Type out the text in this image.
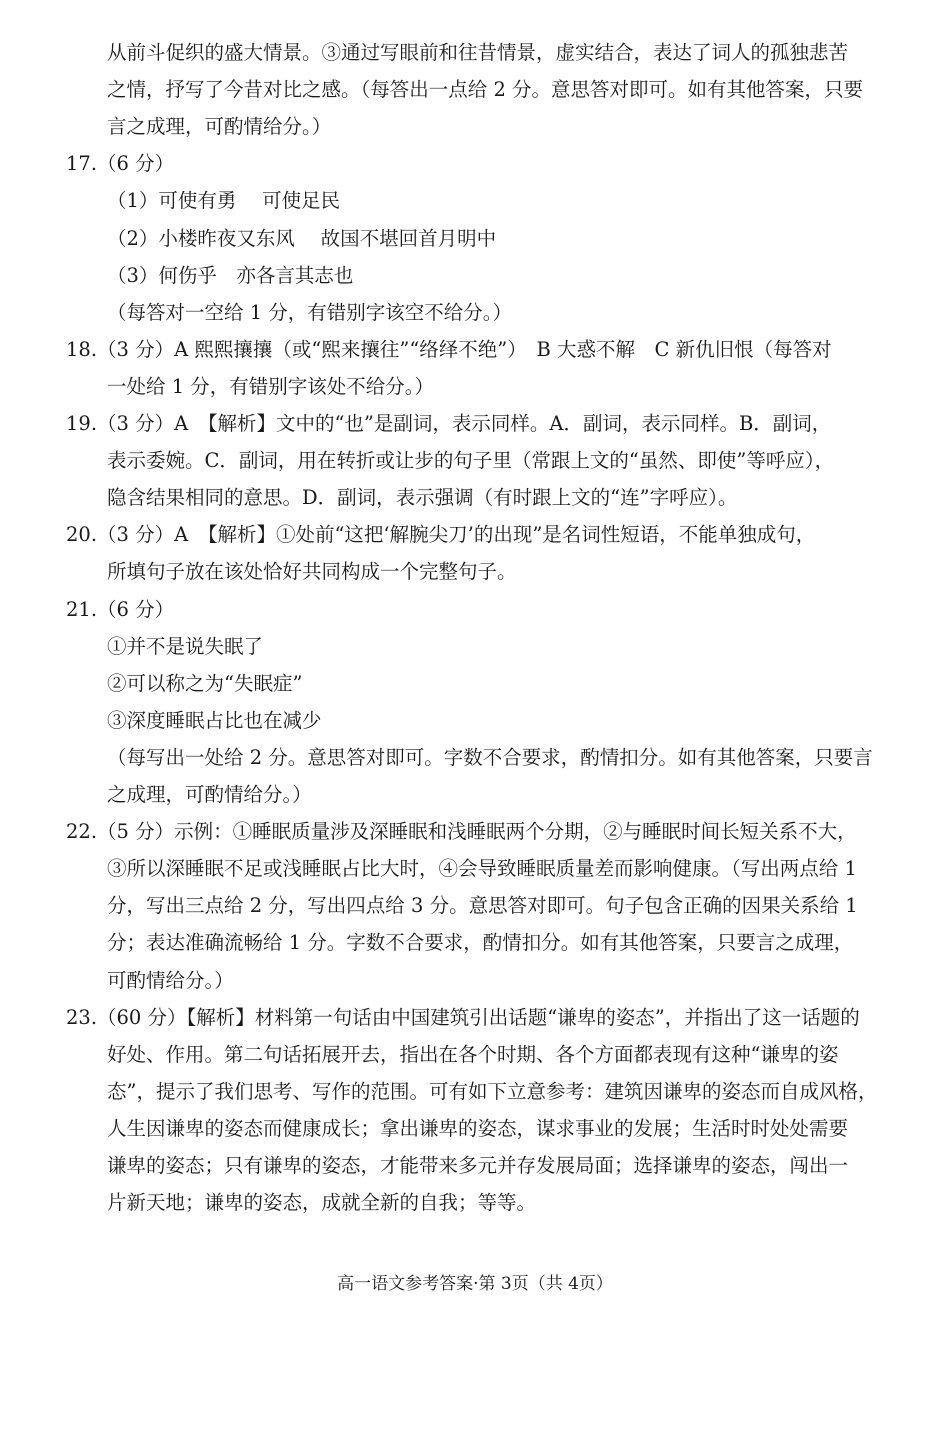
从前斗促织的盛大情景。③通过写眼前和往昔情景，虚实结合，表达了词人的孤独悲苦
之情，抒写了今昔对比之感。（每答出一点给 2 分。意思答对即可。如有其他答案，只要
言之成理，可酌情给分。）
17.（6 分）
（1）可使有勇　 可使足民
（2）小楼昨夜又东风　 故国不堪回首月明中
（3）何伤乎　亦各言其志也
（每答对一空给 1 分，有错别字该空不给分。）
18.（3 分）A 熙熙攘攘（或“熙来攘往”“络绎不绝”）　B 大惑不解　C 新仇旧恨（每答对
一处给 1 分，有错别字该处不给分。）
19.（3 分）A　【解析】文中的“也”是副词，表示同样。A．副词，表示同样。B．副词，
表示委婉。C．副词，用在转折或让步的句子里（常跟上文的“虽然、即使”等呼应），
隐含结果相同的意思。D．副词，表示强调（有时跟上文的“连”字呼应）。
20.（3 分）A　【解析】①处前“这把‘解腕尖刀’的出现”是名词性短语，不能单独成句，
所填句子放在该处恰好共同构成一个完整句子。
21.（6 分）
①并不是说失眠了
②可以称之为“失眠症”
③深度睡眠占比也在减少
（每写出一处给 2 分。意思答对即可。字数不合要求，酌情扣分。如有其他答案，只要言
之成理，可酌情给分。）
22.（5 分）示例：①睡眠质量涉及深睡眠和浅睡眠两个分期，②与睡眠时间长短关系不大，
③所以深睡眠不足或浅睡眠占比大时，④会导致睡眠质量差而影响健康。（写出两点给 1
分，写出三点给 2 分，写出四点给 3 分。意思答对即可。句子包含正确的因果关系给 1
分；表达准确流畅给 1 分。字数不合要求，酌情扣分。如有其他答案，只要言之成理，
可酌情给分。）
23.（60 分）【解析】材料第一句话由中国建筑引出话题“谦卑的姿态”，并指出了这一话题的
好处、作用。第二句话拓展开去，指出在各个时期、各个方面都表现有这种“谦卑的姿
态”，提示了我们思考、写作的范围。可有如下立意参考：建筑因谦卑的姿态而自成风格，
人生因谦卑的姿态而健康成长；拿出谦卑的姿态，谋求事业的发展；生活时时处处需要
谦卑的姿态；只有谦卑的姿态，才能带来多元并存发展局面；选择谦卑的姿态，闯出一
片新天地；谦卑的姿态，成就全新的自我；等等。
高一语文参考答案·第 3页（共 4页）
